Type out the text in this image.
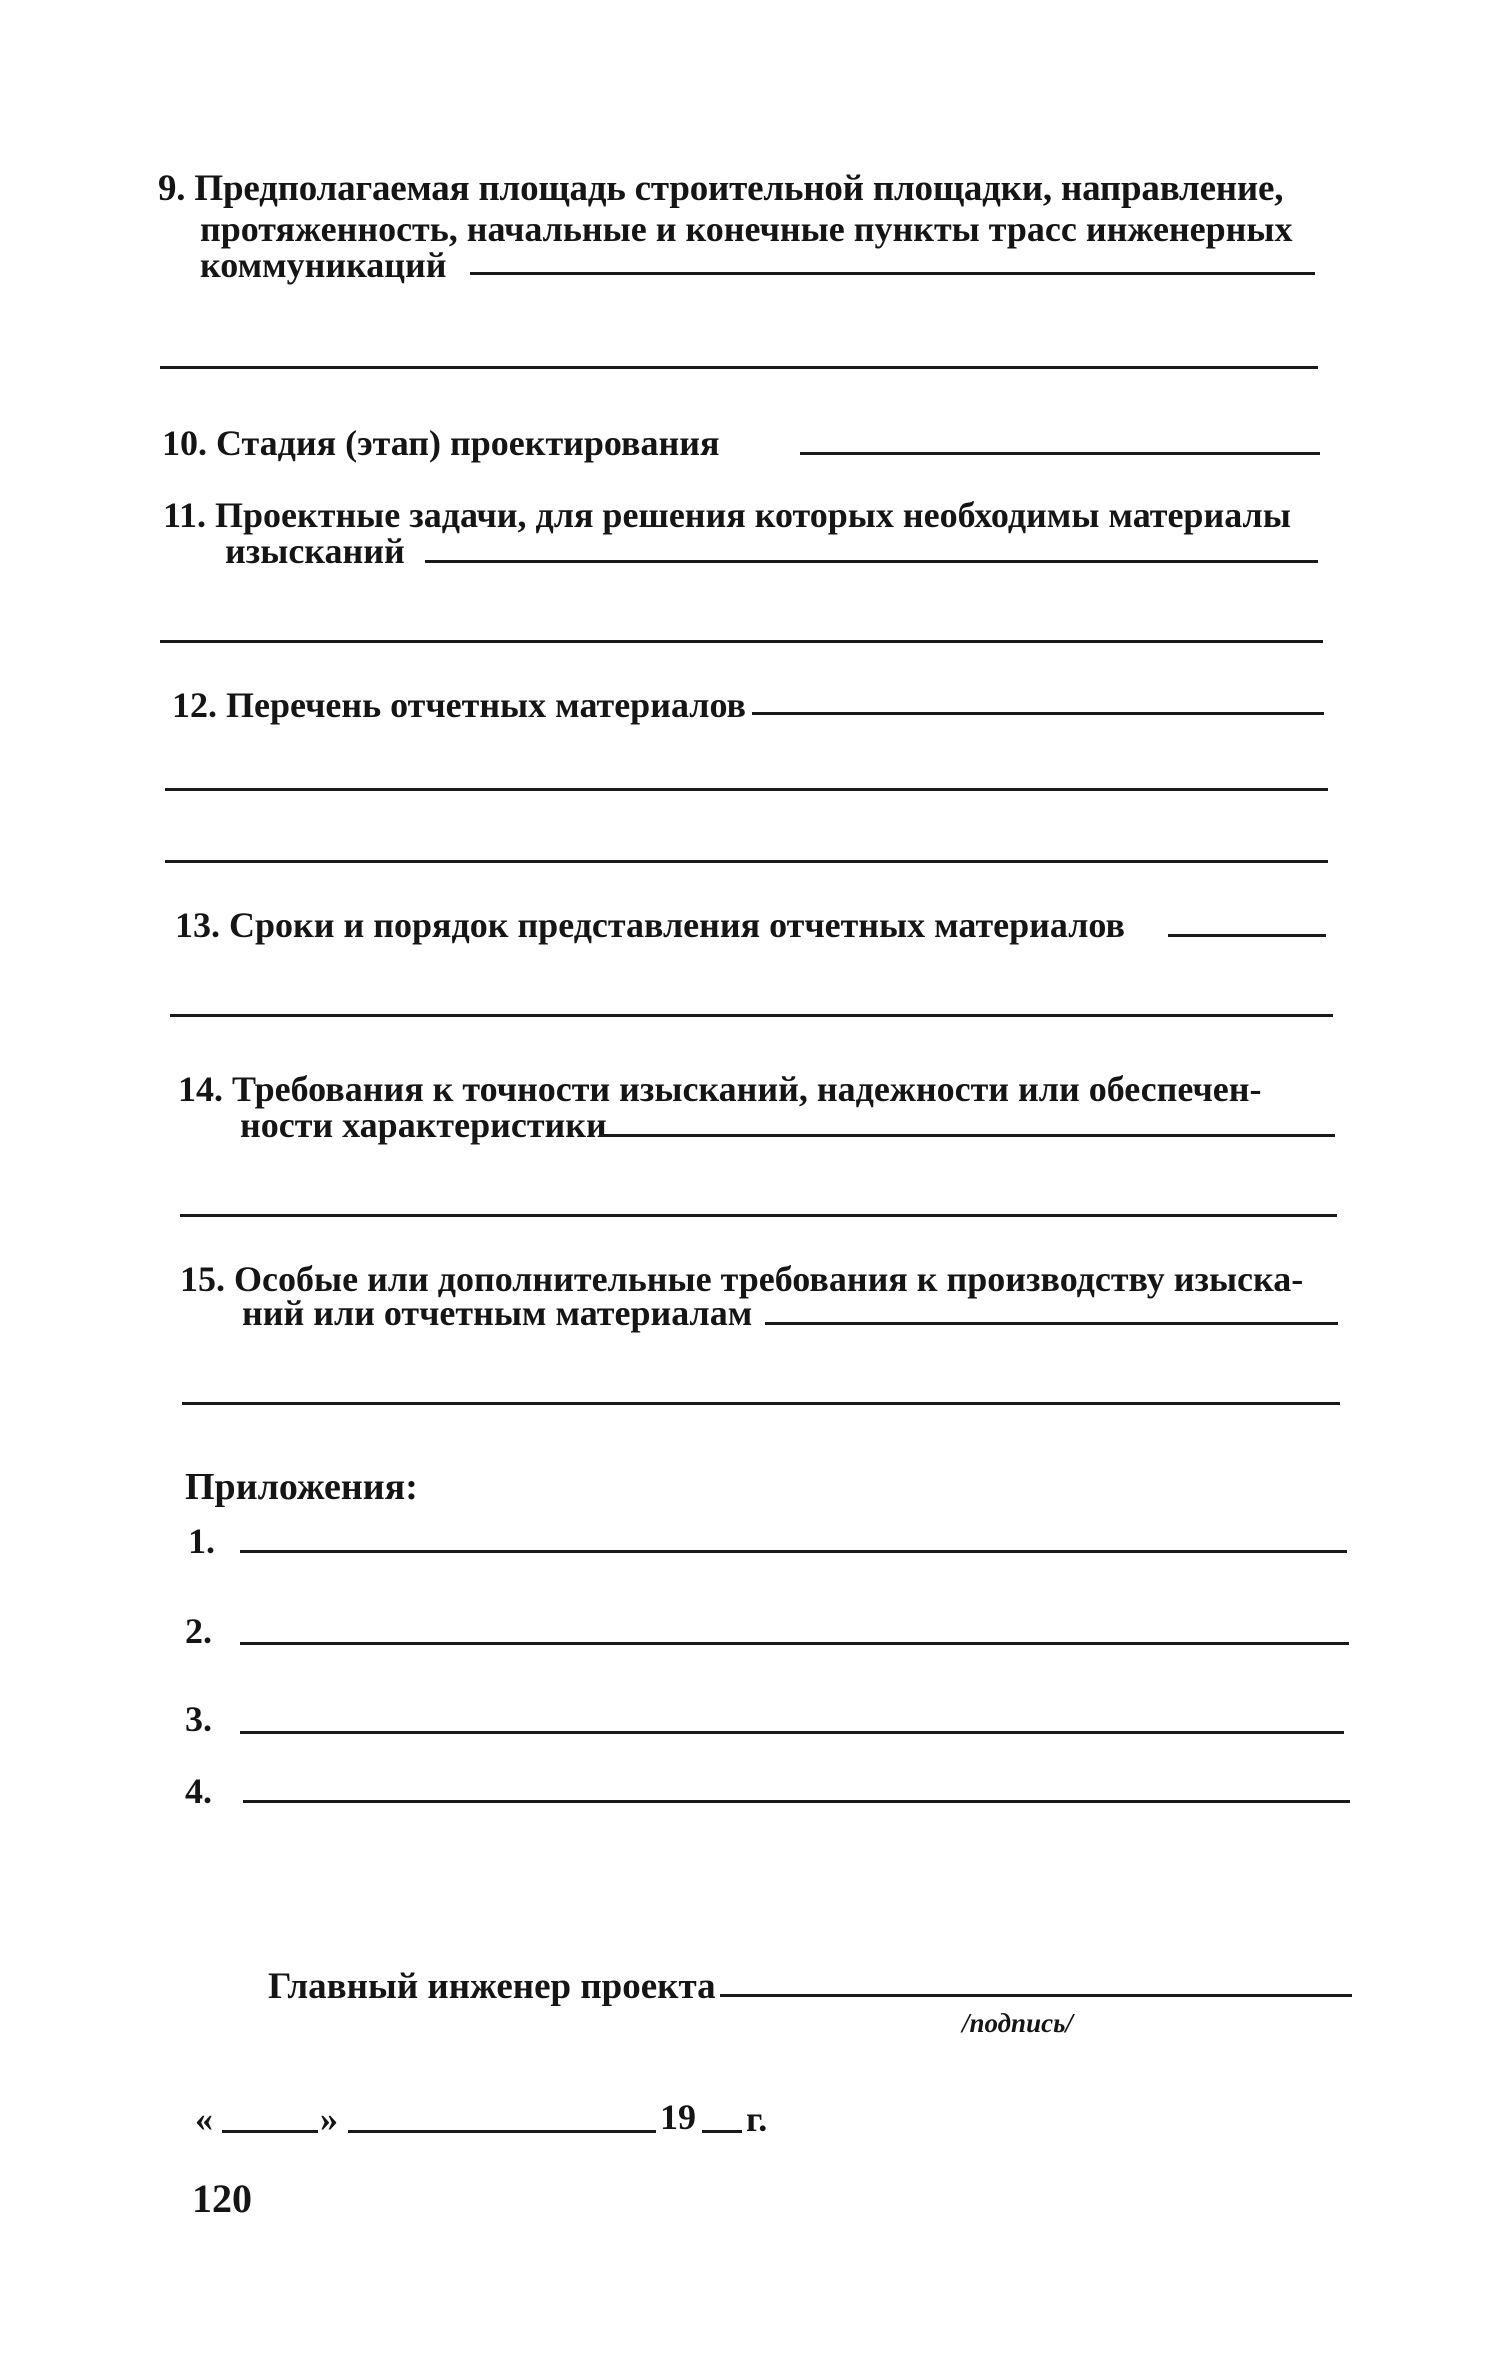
9. Предполагаемая площадь строительной площадки, направление,
протяженность, начальные и конечные пункты трасс инженерных
коммуникаций
10. Стадия (этап) проектирования
11. Проектные задачи, для решения которых необходимы материалы
изысканий
12. Перечень отчетных материалов
13. Сроки и порядок представления отчетных материалов
14. Требования к точности изысканий, надежности или обеспечен-
ности характеристики
15. Особые или дополнительные требования к производству изыска-
ний или отчетным материалам
Приложения:
1.
2.
3.
4.
Главный инженер проекта
/подпись/
«	»	19 г.
120
